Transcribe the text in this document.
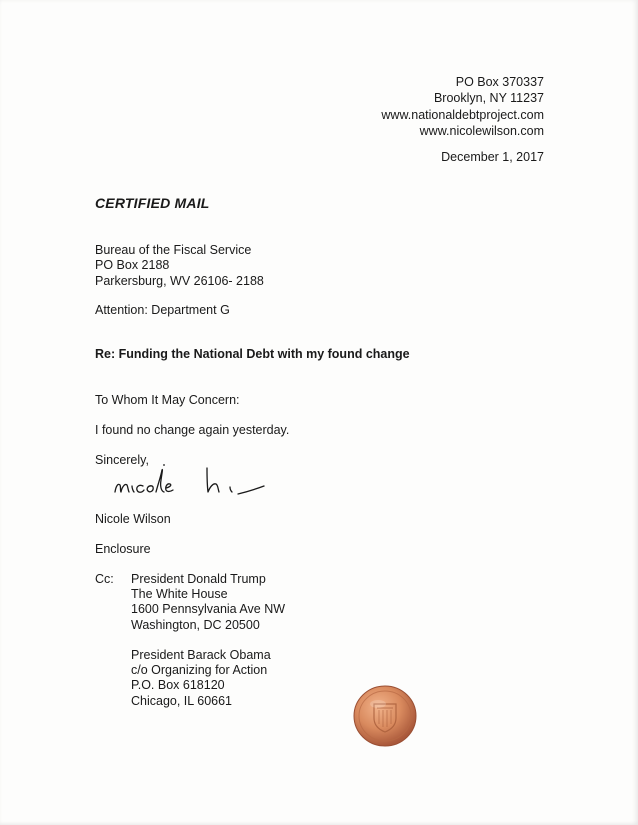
PO Box 370337
Brooklyn, NY 11237
www.nationaldebtproject.com
www.nicolewilson.com
December 1, 2017
CERTIFIED MAIL
Bureau of the Fiscal Service
PO Box 2188
Parkersburg, WV 26106- 2188
Attention: Department G
Re: Funding the National Debt with my found change
To Whom It May Concern:
I found no change again yesterday.
Sincerely,
Nicole Wilson
Enclosure
Cc: President Donald Trump
The White House
1600 Pennsylvania Ave NW
Washington, DC 20500
President Barack Obama
c/o Organizing for Action
P.O. Box 618120
Chicago, IL 60661
